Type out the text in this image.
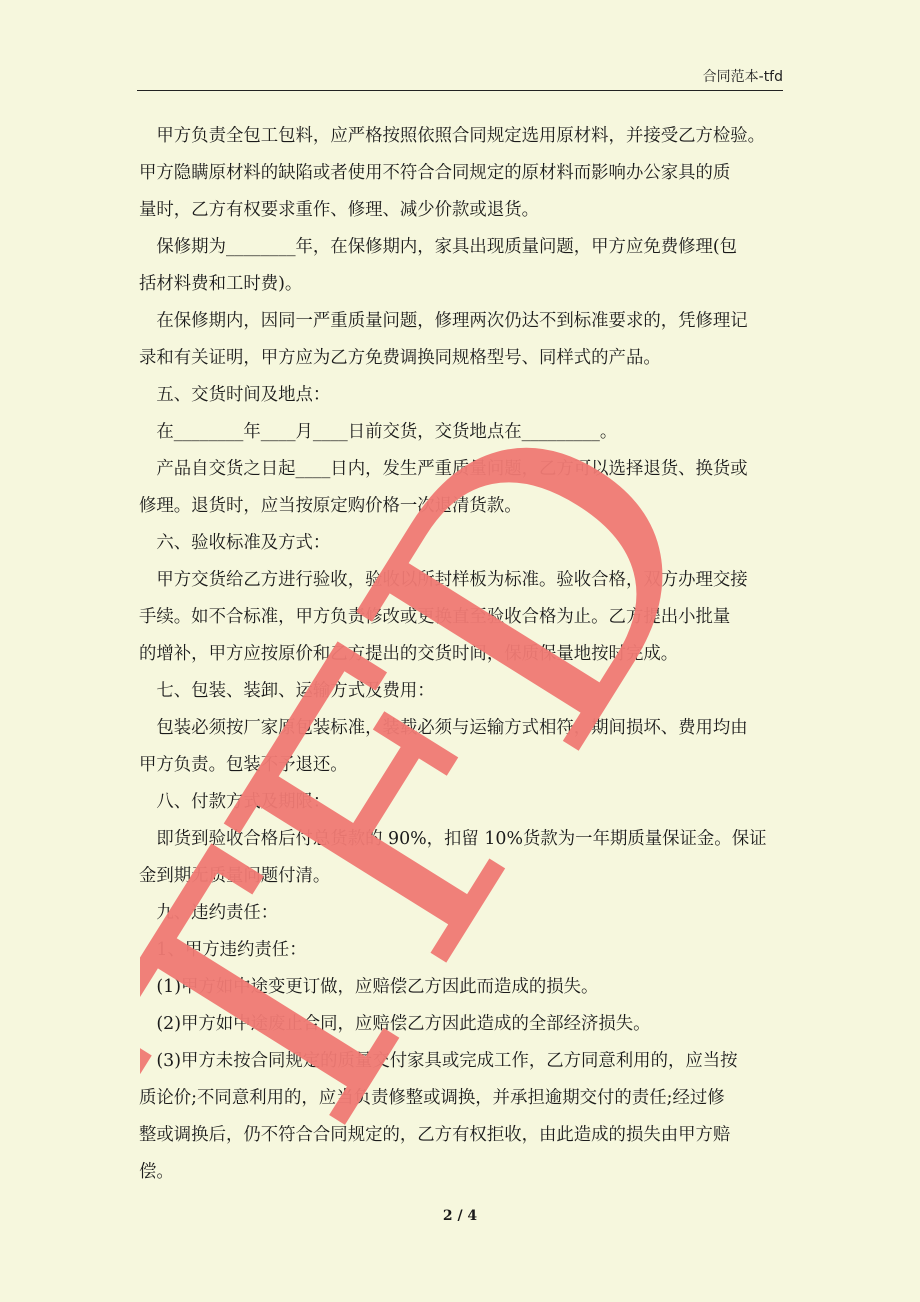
合同范本-tfd
　甲方负责全包工包料，应严格按照依照合同规定选用原材料，并接受乙方检验。
甲方隐瞒原材料的缺陷或者使用不符合合同规定的原材料而影响办公家具的质
量时，乙方有权要求重作、修理、减少价款或退货。
　保修期为________年，在保修期内，家具出现质量问题，甲方应免费修理(包
括材料费和工时费)。
　在保修期内，因同一严重质量问题，修理两次仍达不到标准要求的，凭修理记
录和有关证明，甲方应为乙方免费调换同规格型号、同样式的产品。
　五、交货时间及地点：
　在________年____月____日前交货，交货地点在_________。
　产品自交货之日起____日内，发生严重质量问题，乙方可以选择退货、换货或
修理。退货时，应当按原定购价格一次退清货款。
　六、验收标准及方式：
　甲方交货给乙方进行验收，验收以所封样板为标准。验收合格，双方办理交接
手续。如不合标准，甲方负责修改或更换直至验收合格为止。乙方提出小批量
的增补，甲方应按原价和乙方提出的交货时间，保质保量地按时完成。
　七、包装、装卸、运输方式及费用：
　包装必须按厂家原包装标准，装载必须与运输方式相符，期间损坏、费用均由
甲方负责。包装不予退还。
　八、付款方式及期限：
　即货到验收合格后付总货款的 90%，扣留 10%货款为一年期质量保证金。保证
金到期无质量问题付清。
　九、违约责任：
　1、甲方违约责任：
　(1)甲方如中途变更订做，应赔偿乙方因此而造成的损失。
　(2)甲方如中途废止合同，应赔偿乙方因此造成的全部经济损失。
　(3)甲方未按合同规定的质量交付家具或完成工作，乙方同意利用的，应当按
质论价;不同意利用的，应当负责修整或调换，并承担逾期交付的责任;经过修
整或调换后，仍不符合合同规定的，乙方有权拒收，由此造成的损失由甲方赔
偿。
TFD
2 / 4
